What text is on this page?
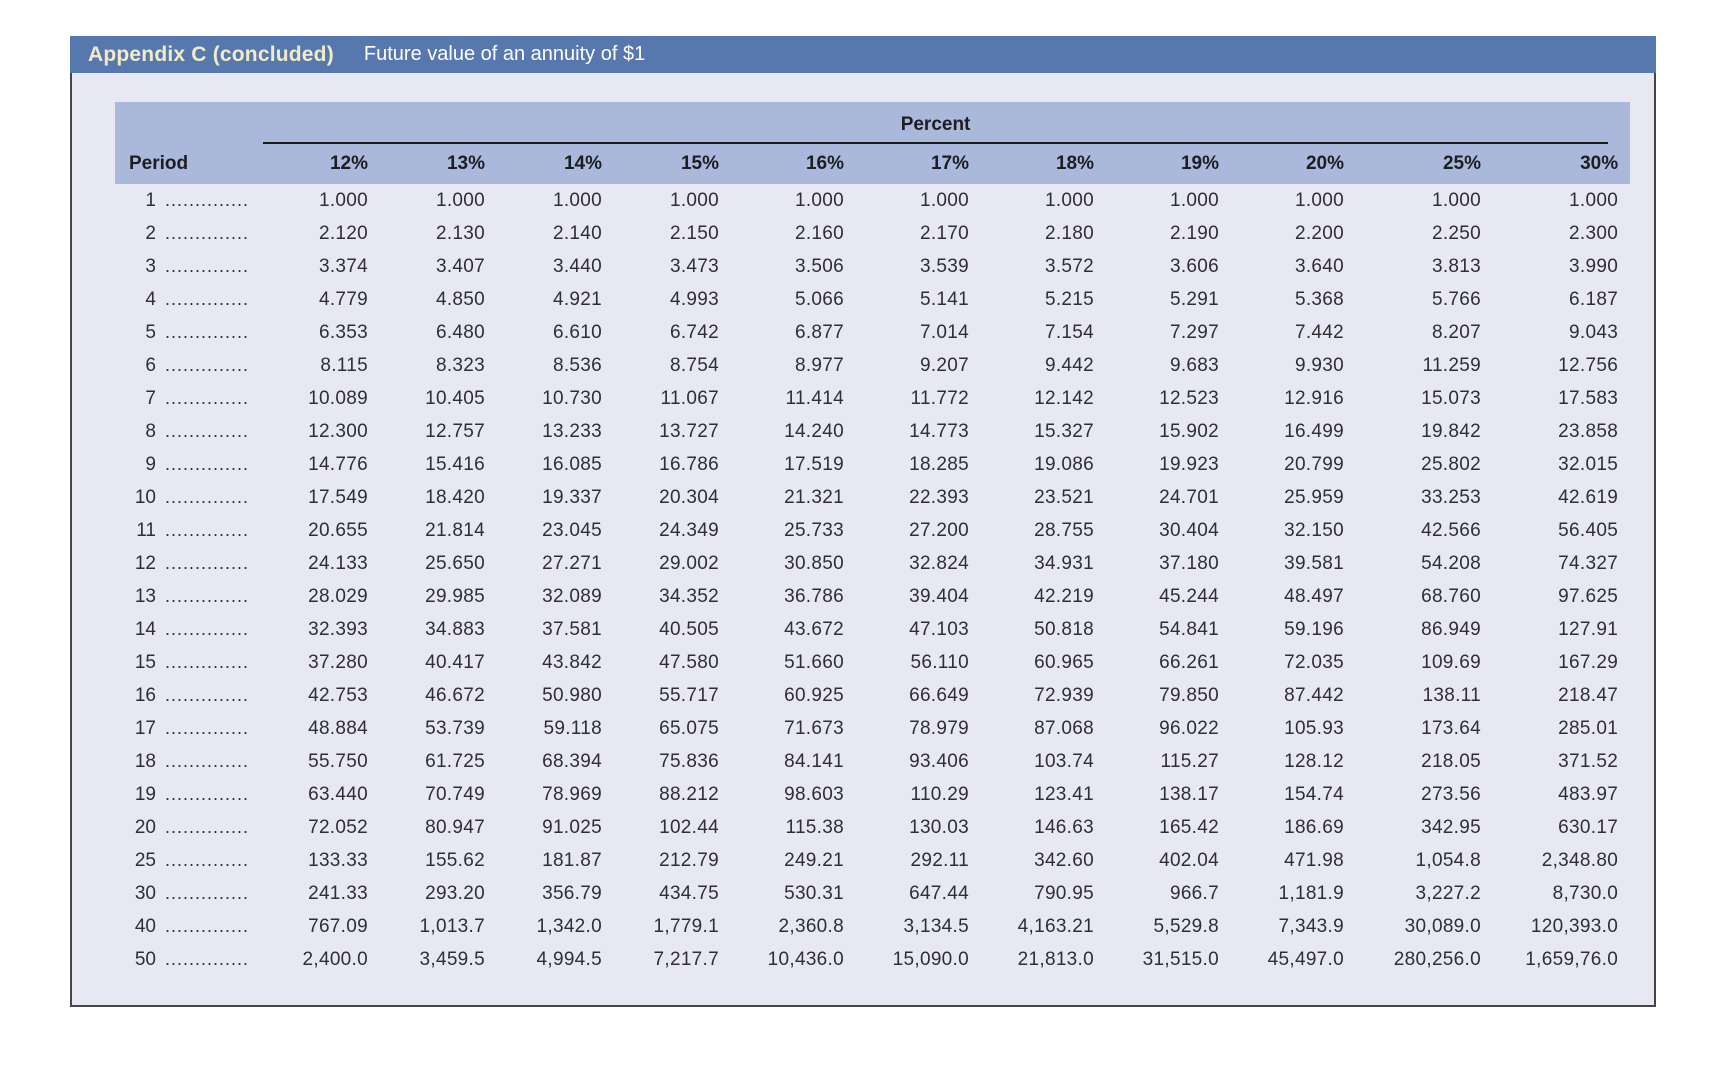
Appendix C (concluded) Future value of an annuity of $1

	Percent										

Period	12%	13%	14%	15%	16%	17%	18%	19%	20%	25%	30%
1 ..............	1.000	1.000	1.000	1.000	1.000	1.000	1.000	1.000	1.000	1.000	1.000
2 ..............	2.120	2.130	2.140	2.150	2.160	2.170	2.180	2.190	2.200	2.250	2.300
3 ..............	3.374	3.407	3.440	3.473	3.506	3.539	3.572	3.606	3.640	3.813	3.990
4 ..............	4.779	4.850	4.921	4.993	5.066	5.141	5.215	5.291	5.368	5.766	6.187
5 ..............	6.353	6.480	6.610	6.742	6.877	7.014	7.154	7.297	7.442	8.207	9.043
6 ..............	8.115	8.323	8.536	8.754	8.977	9.207	9.442	9.683	9.930	11.259	12.756
7 ..............	10.089	10.405	10.730	11.067	11.414	11.772	12.142	12.523	12.916	15.073	17.583
8 ..............	12.300	12.757	13.233	13.727	14.240	14.773	15.327	15.902	16.499	19.842	23.858
9 ..............	14.776	15.416	16.085	16.786	17.519	18.285	19.086	19.923	20.799	25.802	32.015
10 ..............	17.549	18.420	19.337	20.304	21.321	22.393	23.521	24.701	25.959	33.253	42.619
11 ..............	20.655	21.814	23.045	24.349	25.733	27.200	28.755	30.404	32.150	42.566	56.405
12 ..............	24.133	25.650	27.271	29.002	30.850	32.824	34.931	37.180	39.581	54.208	74.327
13 ..............	28.029	29.985	32.089	34.352	36.786	39.404	42.219	45.244	48.497	68.760	97.625
14 ..............	32.393	34.883	37.581	40.505	43.672	47.103	50.818	54.841	59.196	86.949	127.91
15 ..............	37.280	40.417	43.842	47.580	51.660	56.110	60.965	66.261	72.035	109.69	167.29
16 ..............	42.753	46.672	50.980	55.717	60.925	66.649	72.939	79.850	87.442	138.11	218.47
17 ..............	48.884	53.739	59.118	65.075	71.673	78.979	87.068	96.022	105.93	173.64	285.01
18 ..............	55.750	61.725	68.394	75.836	84.141	93.406	103.74	115.27	128.12	218.05	371.52
19 ..............	63.440	70.749	78.969	88.212	98.603	110.29	123.41	138.17	154.74	273.56	483.97
20 ..............	72.052	80.947	91.025	102.44	115.38	130.03	146.63	165.42	186.69	342.95	630.17
25 ..............	133.33	155.62	181.87	212.79	249.21	292.11	342.60	402.04	471.98	1,054.8	2,348.80
30 ..............	241.33	293.20	356.79	434.75	530.31	647.44	790.95	966.7	1,181.9	3,227.2	8,730.0
40 ..............	767.09	1,013.7	1,342.0	1,779.1	2,360.8	3,134.5	4,163.21	5,529.8	7,343.9	30,089.0	120,393.0
50 ..............	2,400.0	3,459.5	4,994.5	7,217.7	10,436.0	15,090.0	21,813.0	31,515.0	45,497.0	280,256.0	1,659,76.0
